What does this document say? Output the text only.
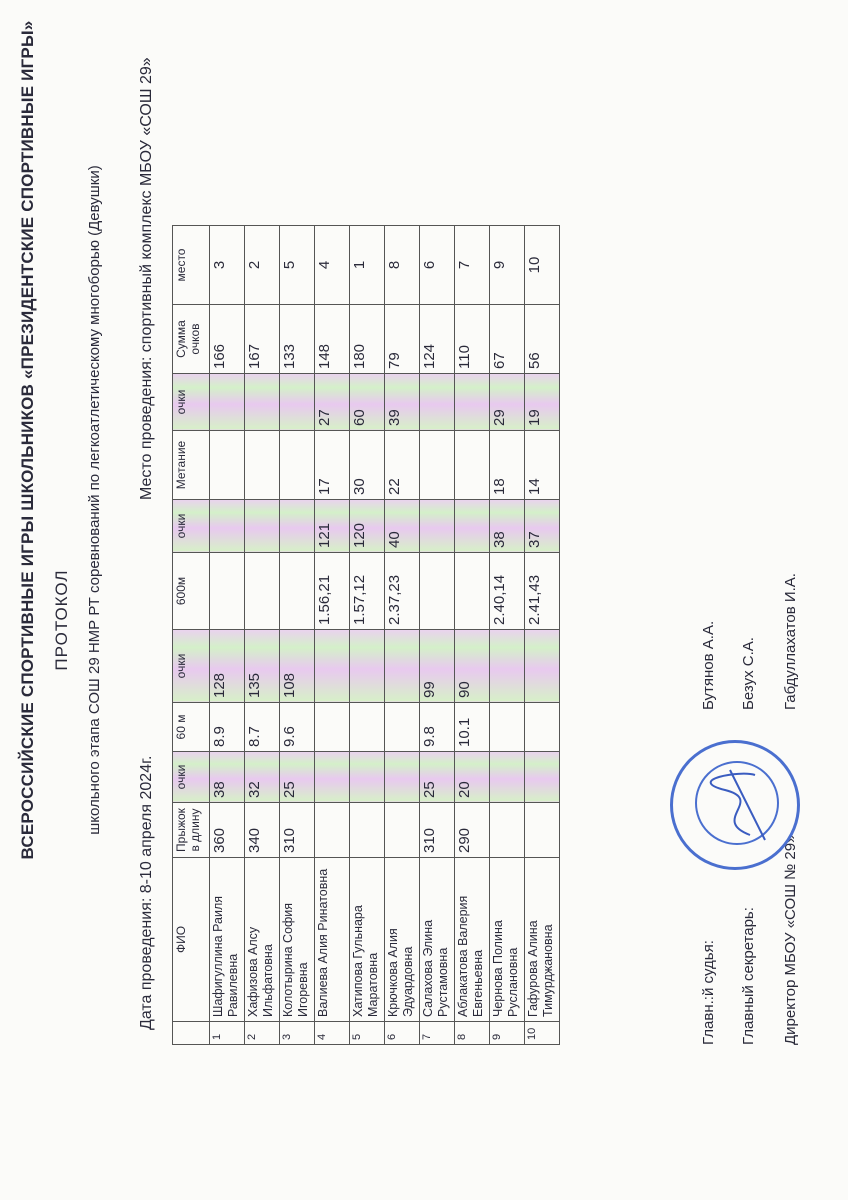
ВСЕРОССИЙСКИЕ СПОРТИВНЫЕ ИГРЫ ШКОЛЬНИКОВ «ПРЕЗИДЕНТСКИЕ СПОРТИВНЫЕ ИГРЫ» ПРОТОКОЛ школьного этапа СОШ 29 НМР РТ соревнований по легкоатлетическому многоборью (Девушки)
Дата проведения: 8-10 апреля 2024г.
Место проведения: спортивный комплекс МБОУ «СОШ 29»
	ФИО	Прыжок в длину	очки	60 м	очки	600м	очки	Метание	очки	Сумма очков	место
1	Шафигуллина Раиля Равилевна	360	38	8.9	128					166	3
2	Хафизова Алсу Ильфатовна	340	32	8.7	135					167	2
3	Колотырина София Игоревна	310	25	9.6	108					133	5
4	Валиева Алия Ринатовна					1.56,21	121	17	27	148	4
5	Хатипова Гульнара Маратовна					1.57,12	120	30	60	180	1
6	Крючкова Алия Эдуардовна					2.37,23	40	22	39	79	8
7	Салахова Элина Рустамовна	310	25	9.8	99					124	6
8	Аблакатова Валерия Евгеньевна	290	20	10.1	90					110	7
9	Чернова Полина Руслановна					2.40,14	38	18	29	67	9
10	Гафурова Алина Тимурджановна					2.41,43	37	14	19	56	10
Главн.:й судья:
Бутянов А.А.
Главный секретарь:
Безух С.А.
Директор МБОУ «СОШ № 29»
Габдуллахатов И.А.
